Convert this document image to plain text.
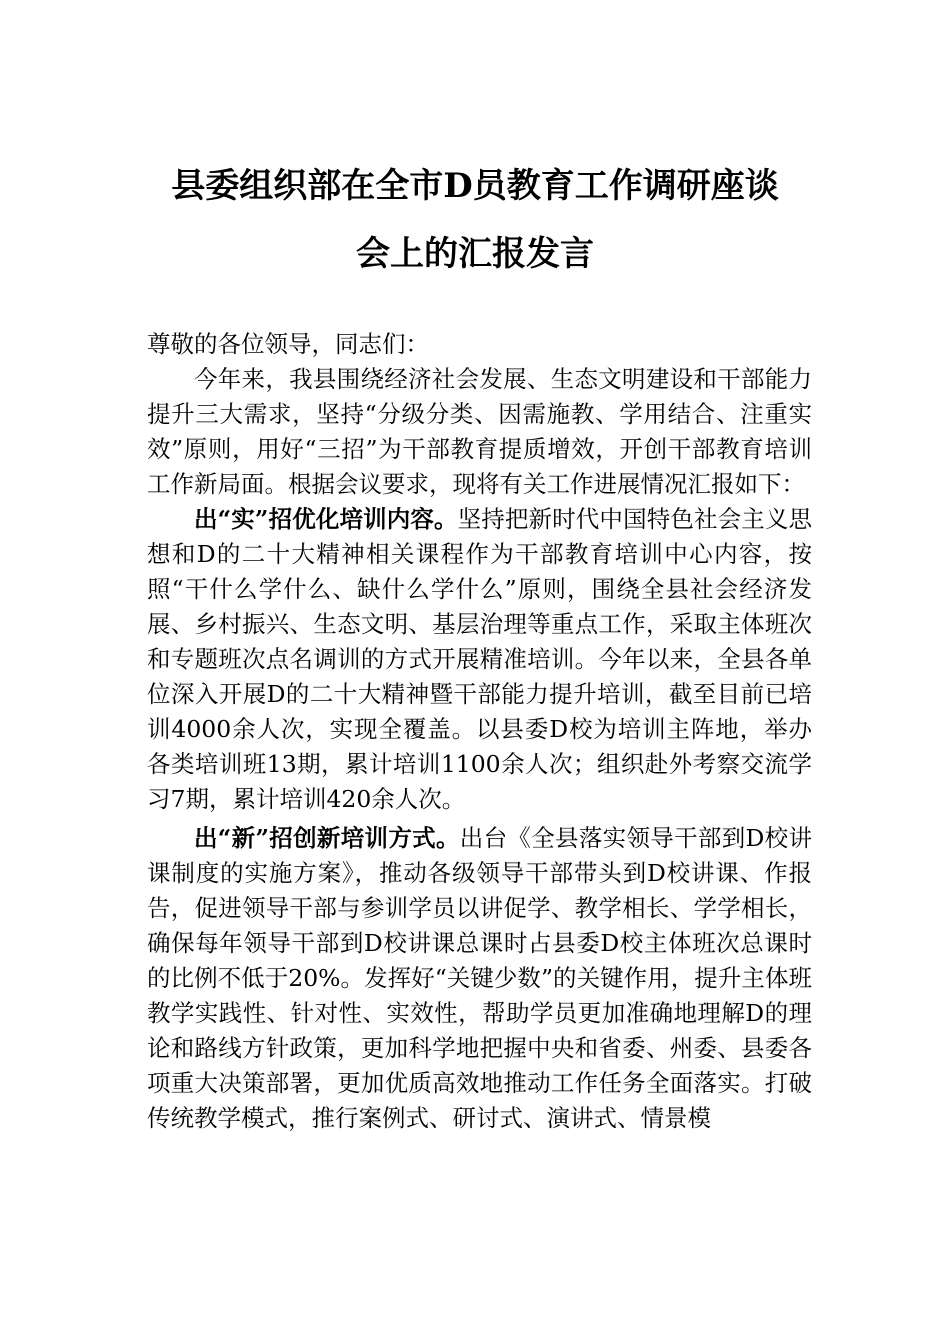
县委组织部在全市D员教育工作调研座谈
会上的汇报发言

尊敬的各位领导，同志们：

今年来，我县围绕经济社会发展、生态文明建设和干部能力提升三大需求，坚持“分级分类、因需施教、学用结合、注重实效”原则，用好“三招”为干部教育提质增效，开创干部教育培训工作新局面。根据会议要求，现将有关工作进展情况汇报如下：

出“实”招优化培训内容。坚持把新时代中国特色社会主义思想和D的二十大精神相关课程作为干部教育培训中心内容，按照“干什么学什么、缺什么学什么”原则，围绕全县社会经济发展、乡村振兴、生态文明、基层治理等重点工作，采取主体班次和专题班次点名调训的方式开展精准培训。今年以来，全县各单位深入开展D的二十大精神暨干部能力提升培训，截至目前已培训4000余人次，实现全覆盖。以县委D校为培训主阵地，举办各类培训班13期，累计培训1100余人次；组织赴外考察交流学习7期，累计培训420余人次。

出“新”招创新培训方式。出台《全县落实领导干部到D校讲课制度的实施方案》，推动各级领导干部带头到D校讲课、作报告，促进领导干部与参训学员以讲促学、教学相长、学学相长，确保每年领导干部到D校讲课总课时占县委D校主体班次总课时的比例不低于20%。发挥好“关键少数”的关键作用，提升主体班教学实践性、针对性、实效性，帮助学员更加准确地理解D的理论和路线方针政策，更加科学地把握中央和省委、州委、县委各项重大决策部署，更加优质高效地推动工作任务全面落实。打破传统教学模式，推行案例式、研讨式、演讲式、情景模
